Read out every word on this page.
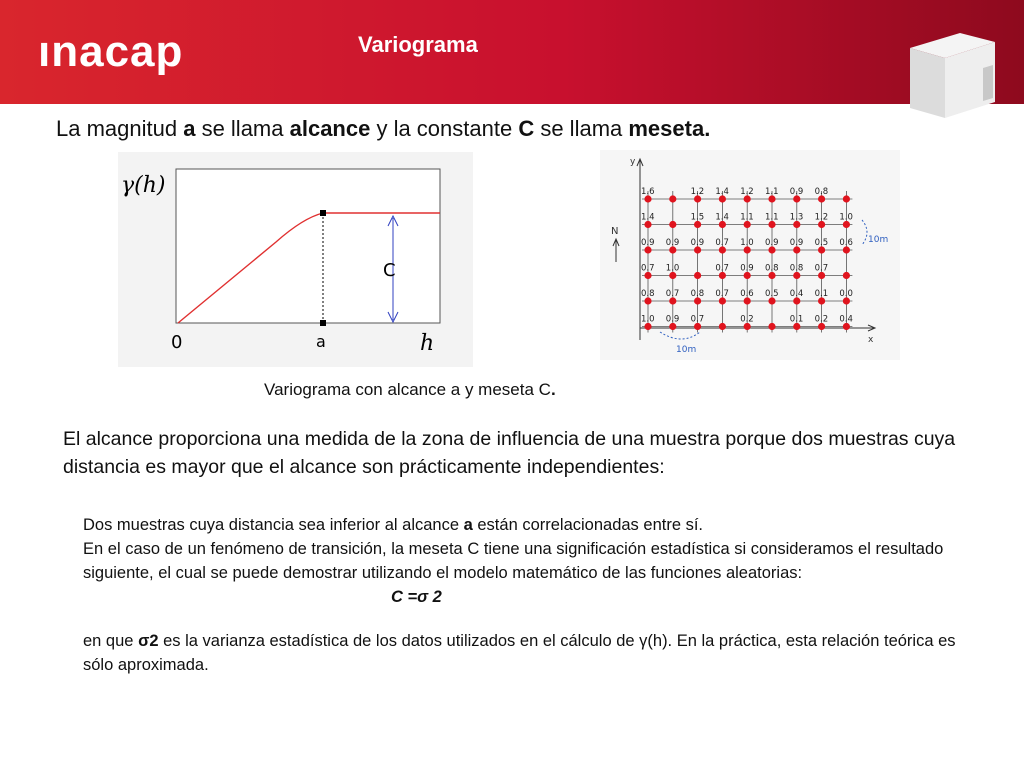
ınacap	Variograma
La magnitud a se llama alcance y la constante C se llama meseta.
γ(h)
C
0	a	h
y
x
N
10m
10m
1.6	1.2 1.4 1.2 1.1 0.9 0.8
1.4	1.5 1.4 1.1 1.1 1.3 1.2 1.0
0.9 0.9 0.9 0.7 1.0 0.9 0.9 0.5 0.6
0.7 1.0	0.7 0.9 0.8 0.8 0.7
0.8 0.7 0.8 0.7 0.6 0.5 0.4 0.1 0.0
1.0 0.9 0.7	0.2	0.1 0.2 0.4
Variograma con alcance a y meseta C.
El alcance proporciona una medida de la zona de influencia de una muestra porque dos muestras cuya distancia es mayor que el alcance son prácticamente independientes:

Dos muestras cuya distancia sea inferior al alcance a están correlacionadas entre sí.

En el caso de un fenómeno de transición, la meseta C tiene una significación estadística si consideramos el resultado siguiente, el cual se puede demostrar utilizando el modelo matemático de las funciones aleatorias:

C =σ 2

en que σ2 es la varianza estadística de los datos utilizados en el cálculo de γ(h). En la práctica, esta relación teórica es sólo aproximada.
